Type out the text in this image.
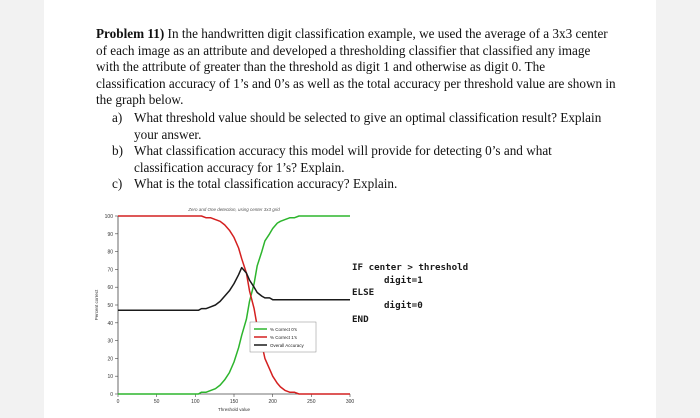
Problem 11) In the handwritten digit classification example, we used the average of a 3x3 center of each image as an attribute and developed a thresholding classifier that classified any image with the attribute of greater than the threshold as digit 1 and otherwise as digit 0. The classification accuracy of 1’s and 0’s as well as the total accuracy per threshold value are shown in the graph below.

a) What threshold value should be selected to give an optimal classification result? Explain your answer.
b) What classification accuracy this model will provide for detecting 0’s and what classification accuracy for 1’s? Explain.
c) What is the total classification accuracy? Explain.
Zero and One detection, using center 3x3 grid
0
10
20
30
40
50
60
70
80
90
100
0	50	100	150	200	250	300
Threshold value
Percent correct
% Correct 0's
% Correct 1's
Overall Accuracy
IF center > threshold
digit=1
ELSE
digit=0
END
